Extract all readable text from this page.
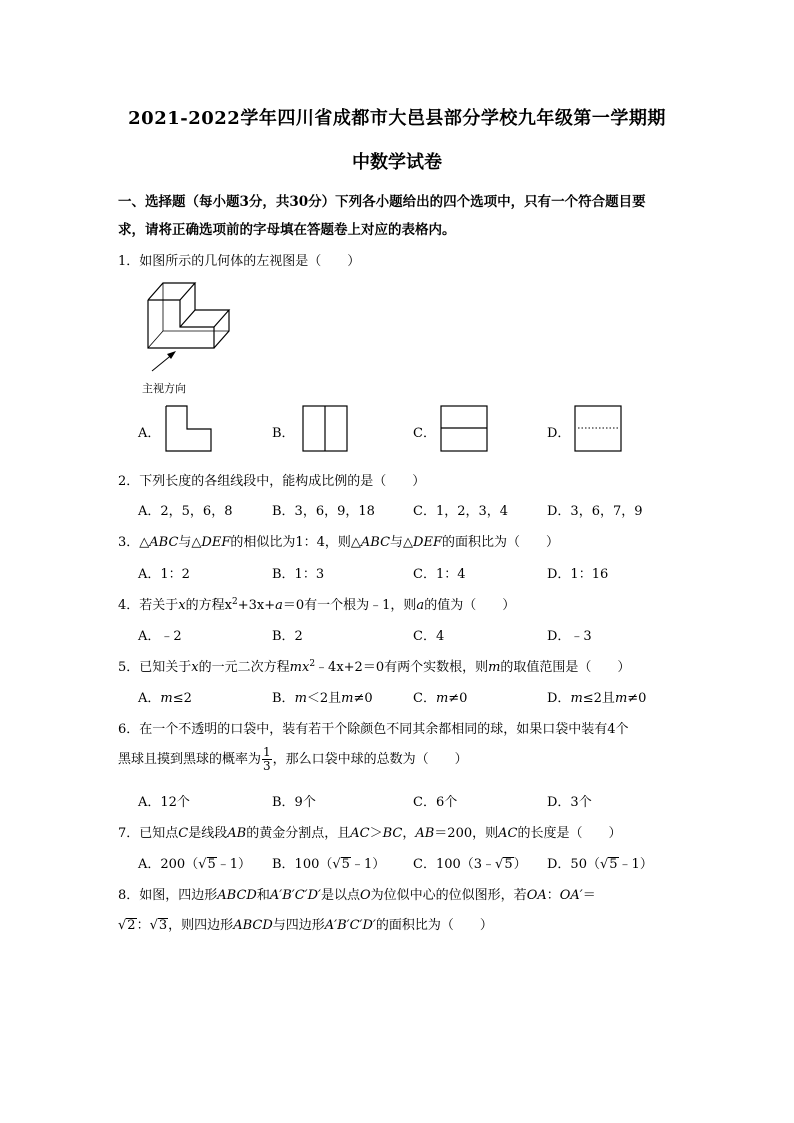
2021-2022学年四川省成都市大邑县部分学校九年级第一学期期
中数学试卷
一、选择题（每小题3分，共30分）下列各小题给出的四个选项中，只有一个符合题目要
求，请将正确选项前的字母填在答题卷上对应的表格内。
1．如图所示的几何体的左视图是（　　）
主视方向
A．	B．	C．	D．
2．下列长度的各组线段中，能构成比例的是（　　）
A．2，5，6，8	B．3，6，9，18	C．1，2，3，4	D．3，6，7，9
3．△ABC与△DEF的相似比为1：4，则△ABC与△DEF的面积比为（　　）
A．1：2	B．1：3	C．1：4	D．1：16
4．若关于x的方程$x^2+3x+a=0$有一个根为﹣1，则a的值为（　　）
A．﹣2	B．2	C．4	D．﹣3
5．已知关于x的一元二次方程$mx^2﹣4x+2=0$有两个实数根，则m的取值范围是（　　）
A．m≤2	B．m＜2且m≠0	C．m≠0	D．m≤2且m≠0
6．在一个不透明的口袋中，装有若干个除颜色不同其余都相同的球，如果口袋中装有4个
黑球且摸到黑球的概率为 $\frac{1}{3}$ ，那么口袋中球的总数为（　　）
A．12个	B．9个	C．6个	D．3个
7．已知点C是线段AB的黄金分割点，且AC＞BC，AB＝200，则AC的长度是（　　）
A．200（√5﹣1） B．100（√5﹣1） C．100（3﹣√5） D．50（√5﹣1）
8．如图，四边形ABCD和A′B′C′D′是以点O为位似中心的位似图形，若OA：OA′＝
√2：√3，则四边形ABCD与四边形A′B′C′D′的面积比为（　　）
